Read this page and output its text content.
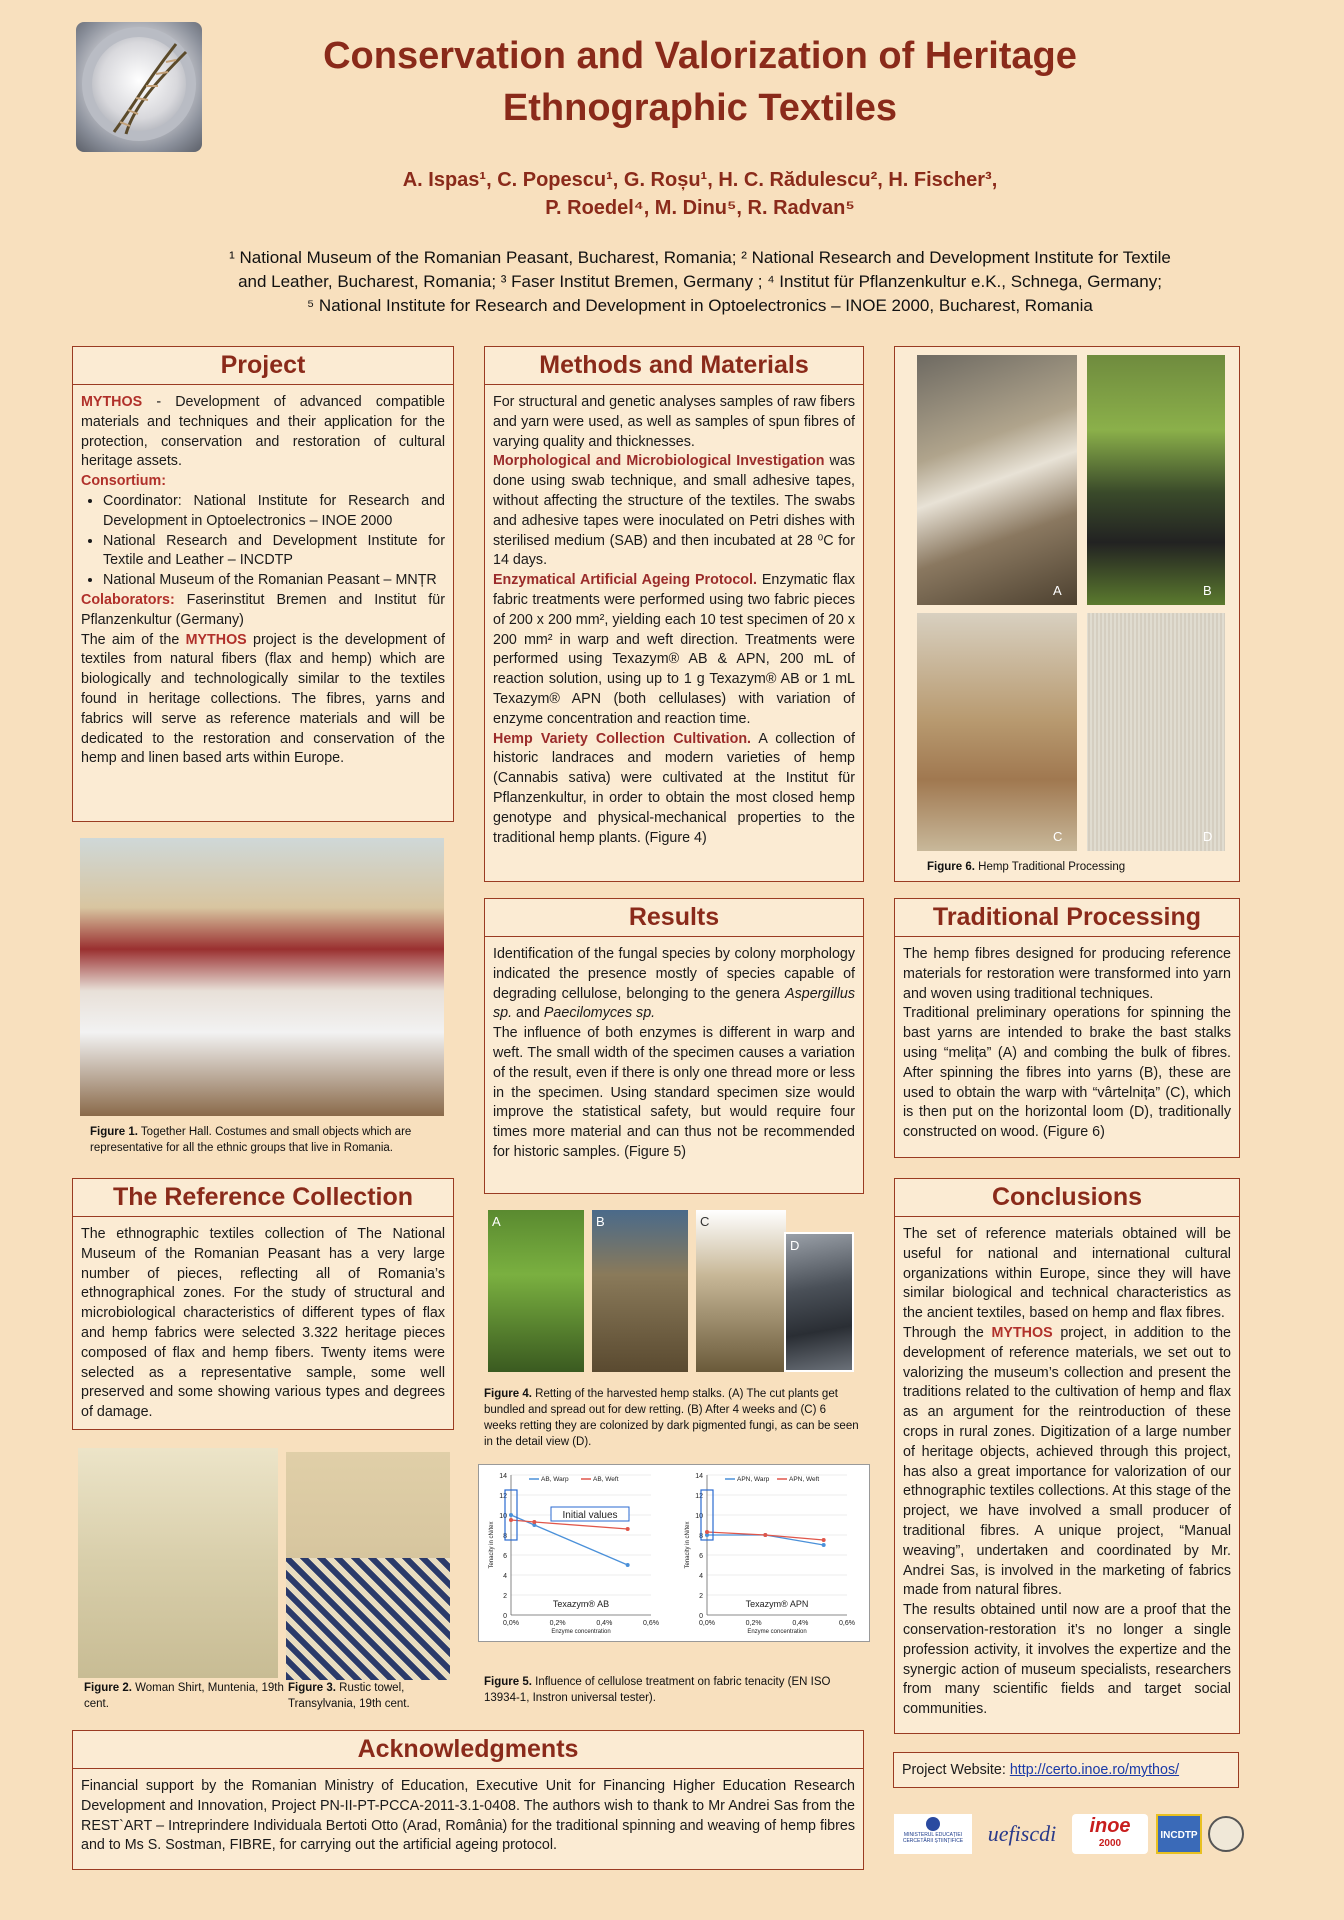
Conservation and Valorization of Heritage
Ethnographic Textiles
A. Ispas¹, C. Popescu¹, G. Roșu¹, H. C. Rădulescu², H. Fischer³,
P. Roedel⁴, M. Dinu⁵, R. Radvan⁵
¹ National Museum of the Romanian Peasant, Bucharest, Romania; ² National Research and Development Institute for Textile
and Leather, Bucharest, Romania; ³ Faser Institut Bremen, Germany ; ⁴ Institut für Pflanzenkultur e.K., Schnega, Germany;
⁵ National Institute for Research and Development in Optoelectronics – INOE 2000, Bucharest, Romania
Project

MYTHOS - Development of advanced compatible materials and techniques and their application for the protection, conservation and restoration of cultural heritage assets.

Consortium:

• Coordinator: National Institute for Research and Development in Optoelectronics – INOE 2000
• National Research and Development Institute for Textile and Leather – INCDTP
• National Museum of the Romanian Peasant – MNȚR

Colaborators: Faserinstitut Bremen and Institut für Pflanzenkultur (Germany)

The aim of the MYTHOS project is the development of textiles from natural fibers (flax and hemp) which are biologically and technologically similar to the textiles found in heritage collections. The fibres, yarns and fabrics will serve as reference materials and will be dedicated to the restoration and conservation of the hemp and linen based arts within Europe.

Methods and Materials

For structural and genetic analyses samples of raw fibers and yarn were used, as well as samples of spun fibres of varying quality and thicknesses.

Morphological and Microbiological Investigation was done using swab technique, and small adhesive tapes, without affecting the structure of the textiles. The swabs and adhesive tapes were inoculated on Petri dishes with sterilised medium (SAB) and then incubated at 28 ⁰C for 14 days.

Enzymatical Artificial Ageing Protocol. Enzymatic flax fabric treatments were performed using two fabric pieces of 200 x 200 mm², yielding each 10 test specimen of 20 x 200 mm² in warp and weft direction. Treatments were performed using Texazym® AB & APN, 200 mL of reaction solution, using up to 1 g Texazym® AB or 1 mL Texazym® APN (both cellulases) with variation of enzyme concentration and reaction time.

Hemp Variety Collection Cultivation. A collection of historic landraces and modern varieties of hemp (Cannabis sativa) were cultivated at the Institut für Pflanzenkultur, in order to obtain the most closed hemp genotype and physical-mechanical properties to the traditional hemp plants. (Figure 4)

A	B
C	D
Figure 6. Hemp Traditional Processing
Figure 1. Together Hall. Costumes and small objects which are representative for all the ethnic groups that live in Romania.
Results

Identification of the fungal species by colony morphology indicated the presence mostly of species capable of degrading cellulose, belonging to the genera Aspergillus sp. and Paecilomyces sp.

The influence of both enzymes is different in warp and weft. The small width of the specimen causes a variation of the result, even if there is only one thread more or less in the specimen. Using standard specimen size would improve the statistical safety, but would require four times more material and can thus not be recommended for historic samples. (Figure 5)

Traditional Processing

The hemp fibres designed for producing reference materials for restoration were transformed into yarn and woven using traditional techniques.

Traditional preliminary operations for spinning the bast yarns are intended to brake the bast stalks using “melița” (A) and combing the bulk of fibres. After spinning the fibres into yarns (B), these are used to obtain the warp with “vârtelnița” (C), which is then put on the horizontal loom (D), traditionally constructed on wood. (Figure 6)

The Reference Collection

The ethnographic textiles collection of The National Museum of the Romanian Peasant has a very large number of pieces, reflecting all of Romania’s ethnographical zones. For the study of structural and microbiological characteristics of different types of flax and hemp fabrics were selected 3.322 heritage pieces composed of flax and hemp fibers. Twenty items were selected as a representative sample, some well preserved and some showing various types and degrees of damage.

A	B	C
D
Figure 4. Retting of the harvested hemp stalks. (A) The cut plants get bundled and spread out for dew retting. (B) After 4 weeks and (C) 6 weeks retting they are colonized by dark pigmented fungi, as can be seen in the detail view (D).
Conclusions

The set of reference materials obtained will be useful for national and international cultural organizations within Europe, since they will have similar biological and technical characteristics as the ancient textiles, based on hemp and flax fibres.

Through the MYTHOS project, in addition to the development of reference materials, we set out to valorizing the museum’s collection and present the traditions related to the cultivation of hemp and flax as an argument for the reintroduction of these crops in rural zones. Digitization of a large number of heritage objects, achieved through this project, has also a great importance for valorization of our ethnographic textiles collections. At this stage of the project, we have involved a small producer of traditional fibres. A unique project, “Manual weaving”, undertaken and coordinated by Mr. Andrei Sas, is involved in the marketing of fabrics made from natural fibres.

The results obtained until now are a proof that the conservation-restoration it’s no longer a single profession activity, it involves the expertize and the synergic action of museum specialists, researchers from many scientific fields and target social communities.

Figure 2. Woman Shirt, Muntenia, 19th cent.
Figure 3. Rustic towel, Transylvania, 19th cent.
0
2
4
6
8
10
12
14
0,0%	0,2%	0,4%	0,6%
Enzyme concentration
Tenacity in cN/tex
AB, Warp	AB, Weft
Texazym® AB
Initial values
0
2
4
6
8
10
12
14
0,0%	0,2%	0,4%	0,6%
Enzyme concentration
Tenacity in cN/tex
APN, Warp	APN, Weft
Texazym® APN
Figure 5. Influence of cellulose treatment on fabric tenacity (EN ISO 13934-1, Instron universal tester).
Acknowledgments

Financial support by the Romanian Ministry of Education, Executive Unit for Financing Higher Education Research Development and Innovation, Project PN-II-PT-PCCA-2011-3.1-0408. The authors wish to thank to Mr Andrei Sas from the REST`ART – Intreprindere Individuala Bertoti Otto (Arad, România) for the traditional spinning and weaving of hemp fibres and to Ms S. Sostman, FIBRE, for carrying out the artificial ageing protocol.

Project Website: http://certo.inoe.ro/mythos/
MINISTERUL EDUCAȚIEI CERCETĂRII ȘTIINȚIFICE	uefiscdi	inoe
2000
INCDTP
